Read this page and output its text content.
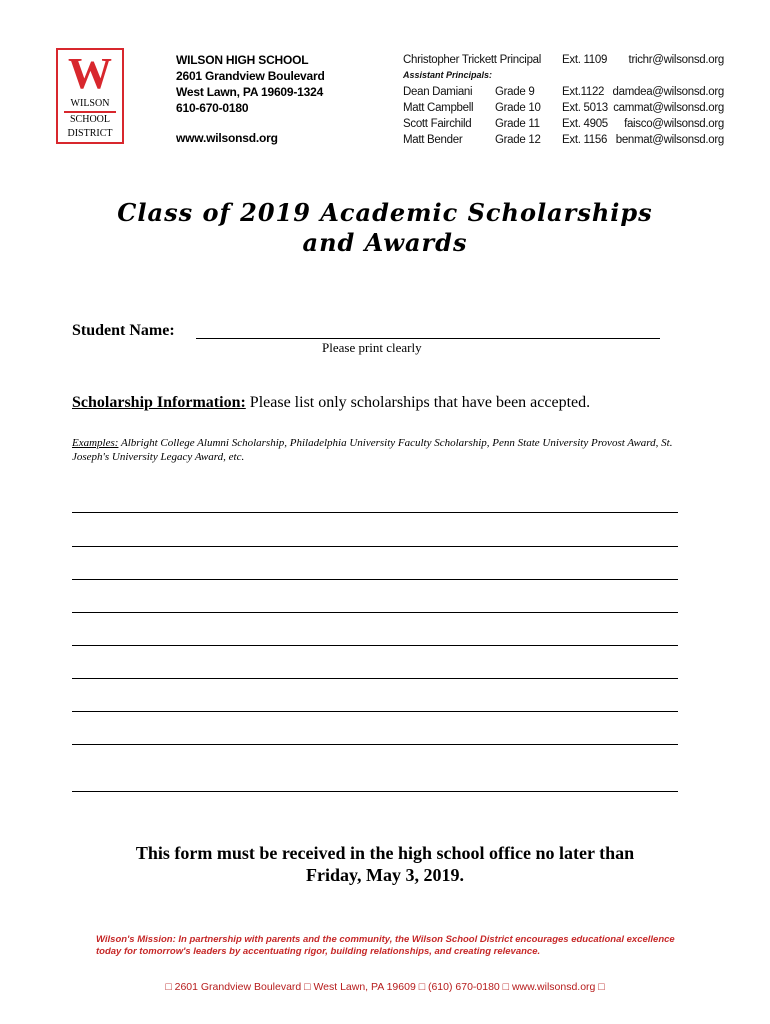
W
WILSON
SCHOOL
DISTRICT
WILSON HIGH SCHOOL
2601 Grandview Boulevard
West Lawn, PA 19609-1324
610-670-0180
www.wilsonsd.org
Christopher Trickett Principal Ext. 1109	trichr@wilsonsd.org
Assistant Principals:
Dean Damiani Grade 9 Ext.1122 damdea@wilsonsd.org
Matt Campbell Grade 10 Ext. 5013 cammat@wilsonsd.org
Scott Fairchild Grade 11 Ext. 4905	faisco@wilsonsd.org
Matt Bender	Grade 12 Ext. 1156 benmat@wilsonsd.org
Class of 2019 Academic Scholarships
and Awards
Student Name:
Please print clearly
Scholarship Information: Please list only scholarships that have been accepted.
Examples: Albright College Alumni Scholarship, Philadelphia University Faculty Scholarship, Penn State University Provost Award, St. Joseph's University Legacy Award, etc.
This form must be received in the high school office no later than
Friday, May 3, 2019.
Wilson's Mission: In partnership with parents and the community, the Wilson School District encourages educational excellence today for tomorrow's leaders by accentuating rigor, building relationships, and creating relevance.
□ 2601 Grandview Boulevard □ West Lawn, PA 19609 □ (610) 670-0180 □ www.wilsonsd.org □
